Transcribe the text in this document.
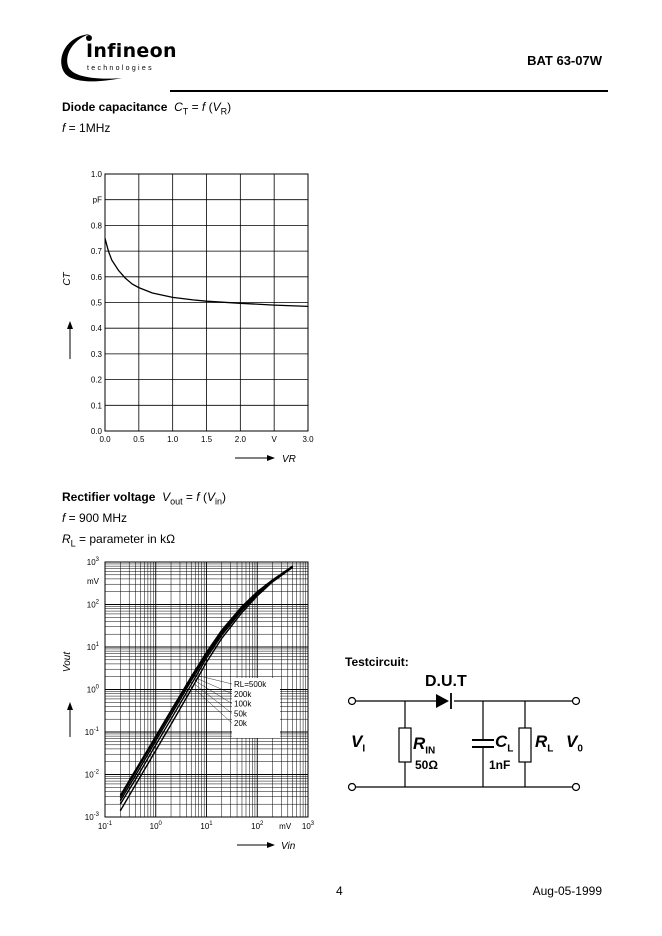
Infineon
technologies
BAT 63-07W
Diode capacitance $C_T = f$ $(V_R)$
f = 1MHz
0.0	0.5	1.0	1.5	2.0	V	3.0
0.0
0.1
0.2
0.3
0.4
0.5
0.6
0.7
0.8
pF
1.0
CT
VR
Rectifier voltage $V_{out} = f$ $(V_{in})$
f = 900 MHz
$R_L$ = parameter in kΩ
$10^{-1}$	$10^0$	$10^1$	$10^2$ mV $10^3$
$10^{-3}$
$10^{-2}$
$10^{-1}$
$10^0$
$10^1$
$10^2$
mV
$10^3$
RL=500k
200k
100k
50k
20k
Vout
Vin
Testcircuit:
D.U.T
$V_I$	$R_{IN}$
50Ω
$C_L$
1nF
$R_L$ $V_0$
4	Aug-05-1999
